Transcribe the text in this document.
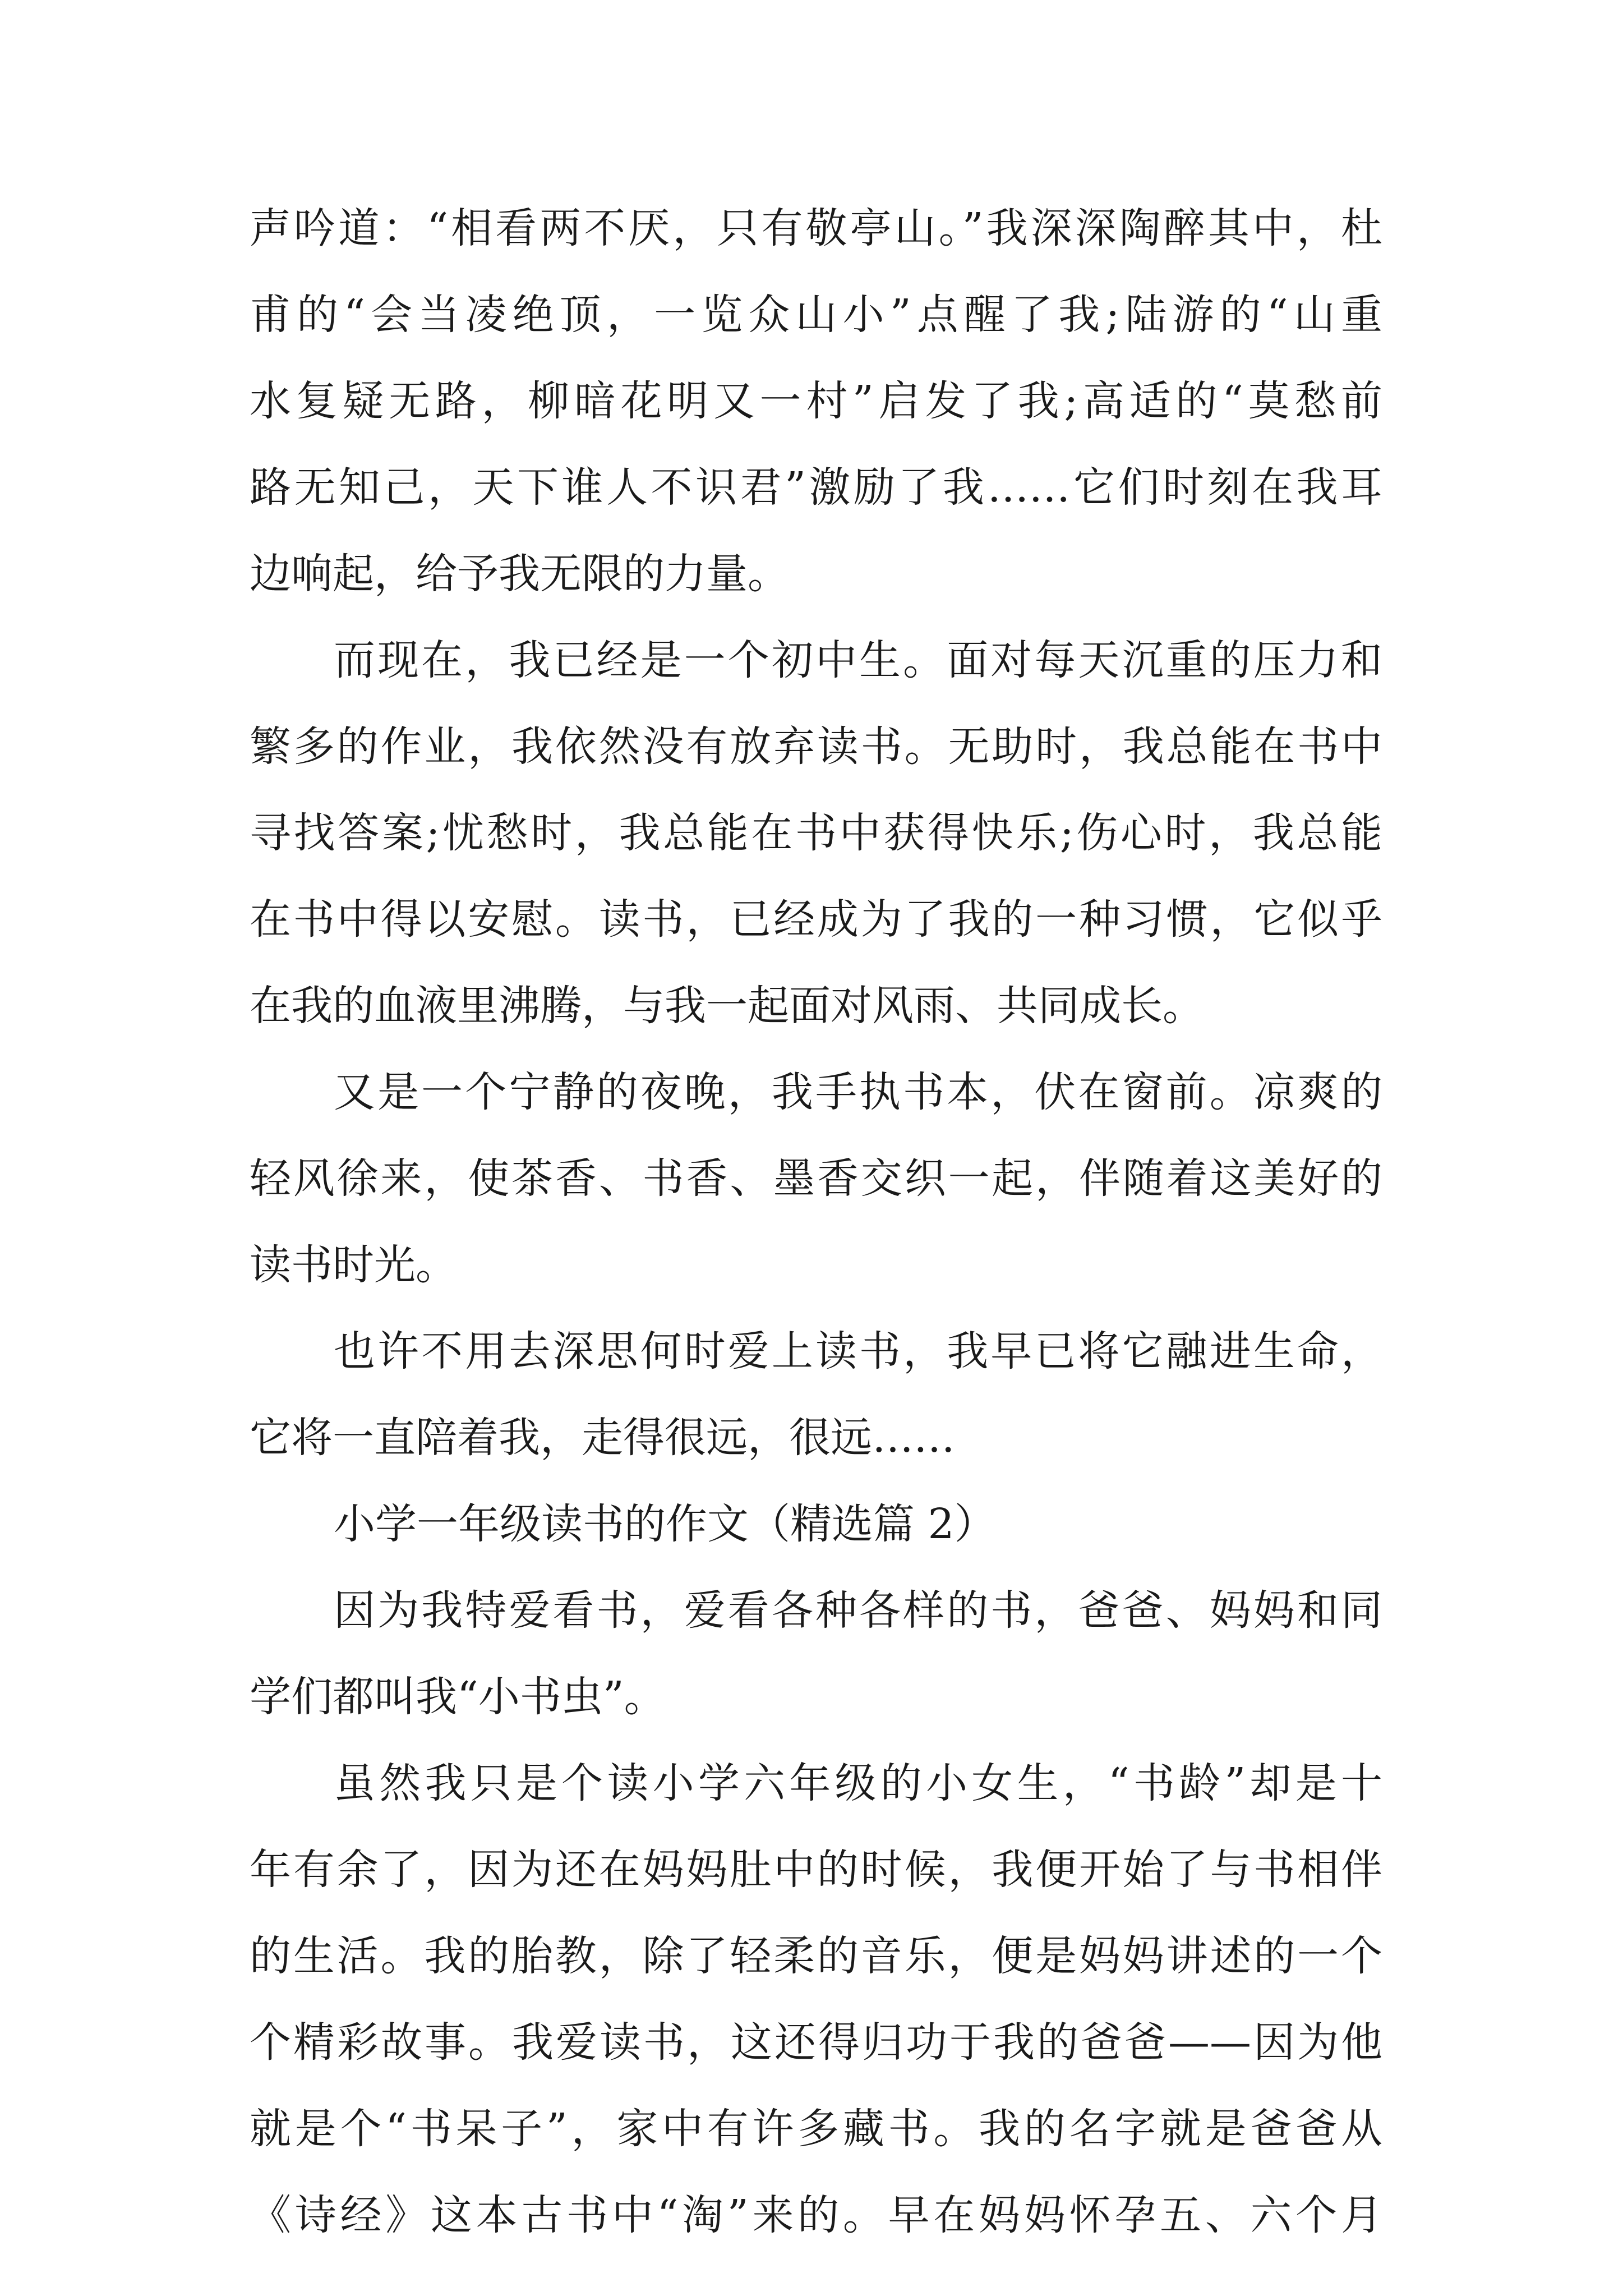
声吟道：“相看两不厌，只有敬亭山。”我深深陶醉其中，杜
甫的“会当凌绝顶，一览众山小”点醒了我;陆游的“山重
水复疑无路，柳暗花明又一村”启发了我;高适的“莫愁前
路无知己，天下谁人不识君”激励了我……它们时刻在我耳
边响起，给予我无限的力量。
而现在，我已经是一个初中生。面对每天沉重的压力和
繁多的作业，我依然没有放弃读书。无助时，我总能在书中
寻找答案;忧愁时，我总能在书中获得快乐;伤心时，我总能
在书中得以安慰。读书，已经成为了我的一种习惯，它似乎
在我的血液里沸腾，与我一起面对风雨、共同成长。
又是一个宁静的夜晚，我手执书本，伏在窗前。凉爽的
轻风徐来，使茶香、书香、墨香交织一起，伴随着这美好的
读书时光。
也许不用去深思何时爱上读书，我早已将它融进生命，
它将一直陪着我，走得很远，很远……
小学一年级读书的作文（精选篇 2）
因为我特爱看书，爱看各种各样的书，爸爸、妈妈和同
学们都叫我“小书虫”。
虽然我只是个读小学六年级的小女生，“书龄”却是十
年有余了，因为还在妈妈肚中的时候，我便开始了与书相伴
的生活。我的胎教，除了轻柔的音乐，便是妈妈讲述的一个
个精彩故事。我爱读书，这还得归功于我的爸爸——因为他
就是个“书呆子”，家中有许多藏书。我的名字就是爸爸从
《诗经》这本古书中“淘”来的。早在妈妈怀孕五、六个月
